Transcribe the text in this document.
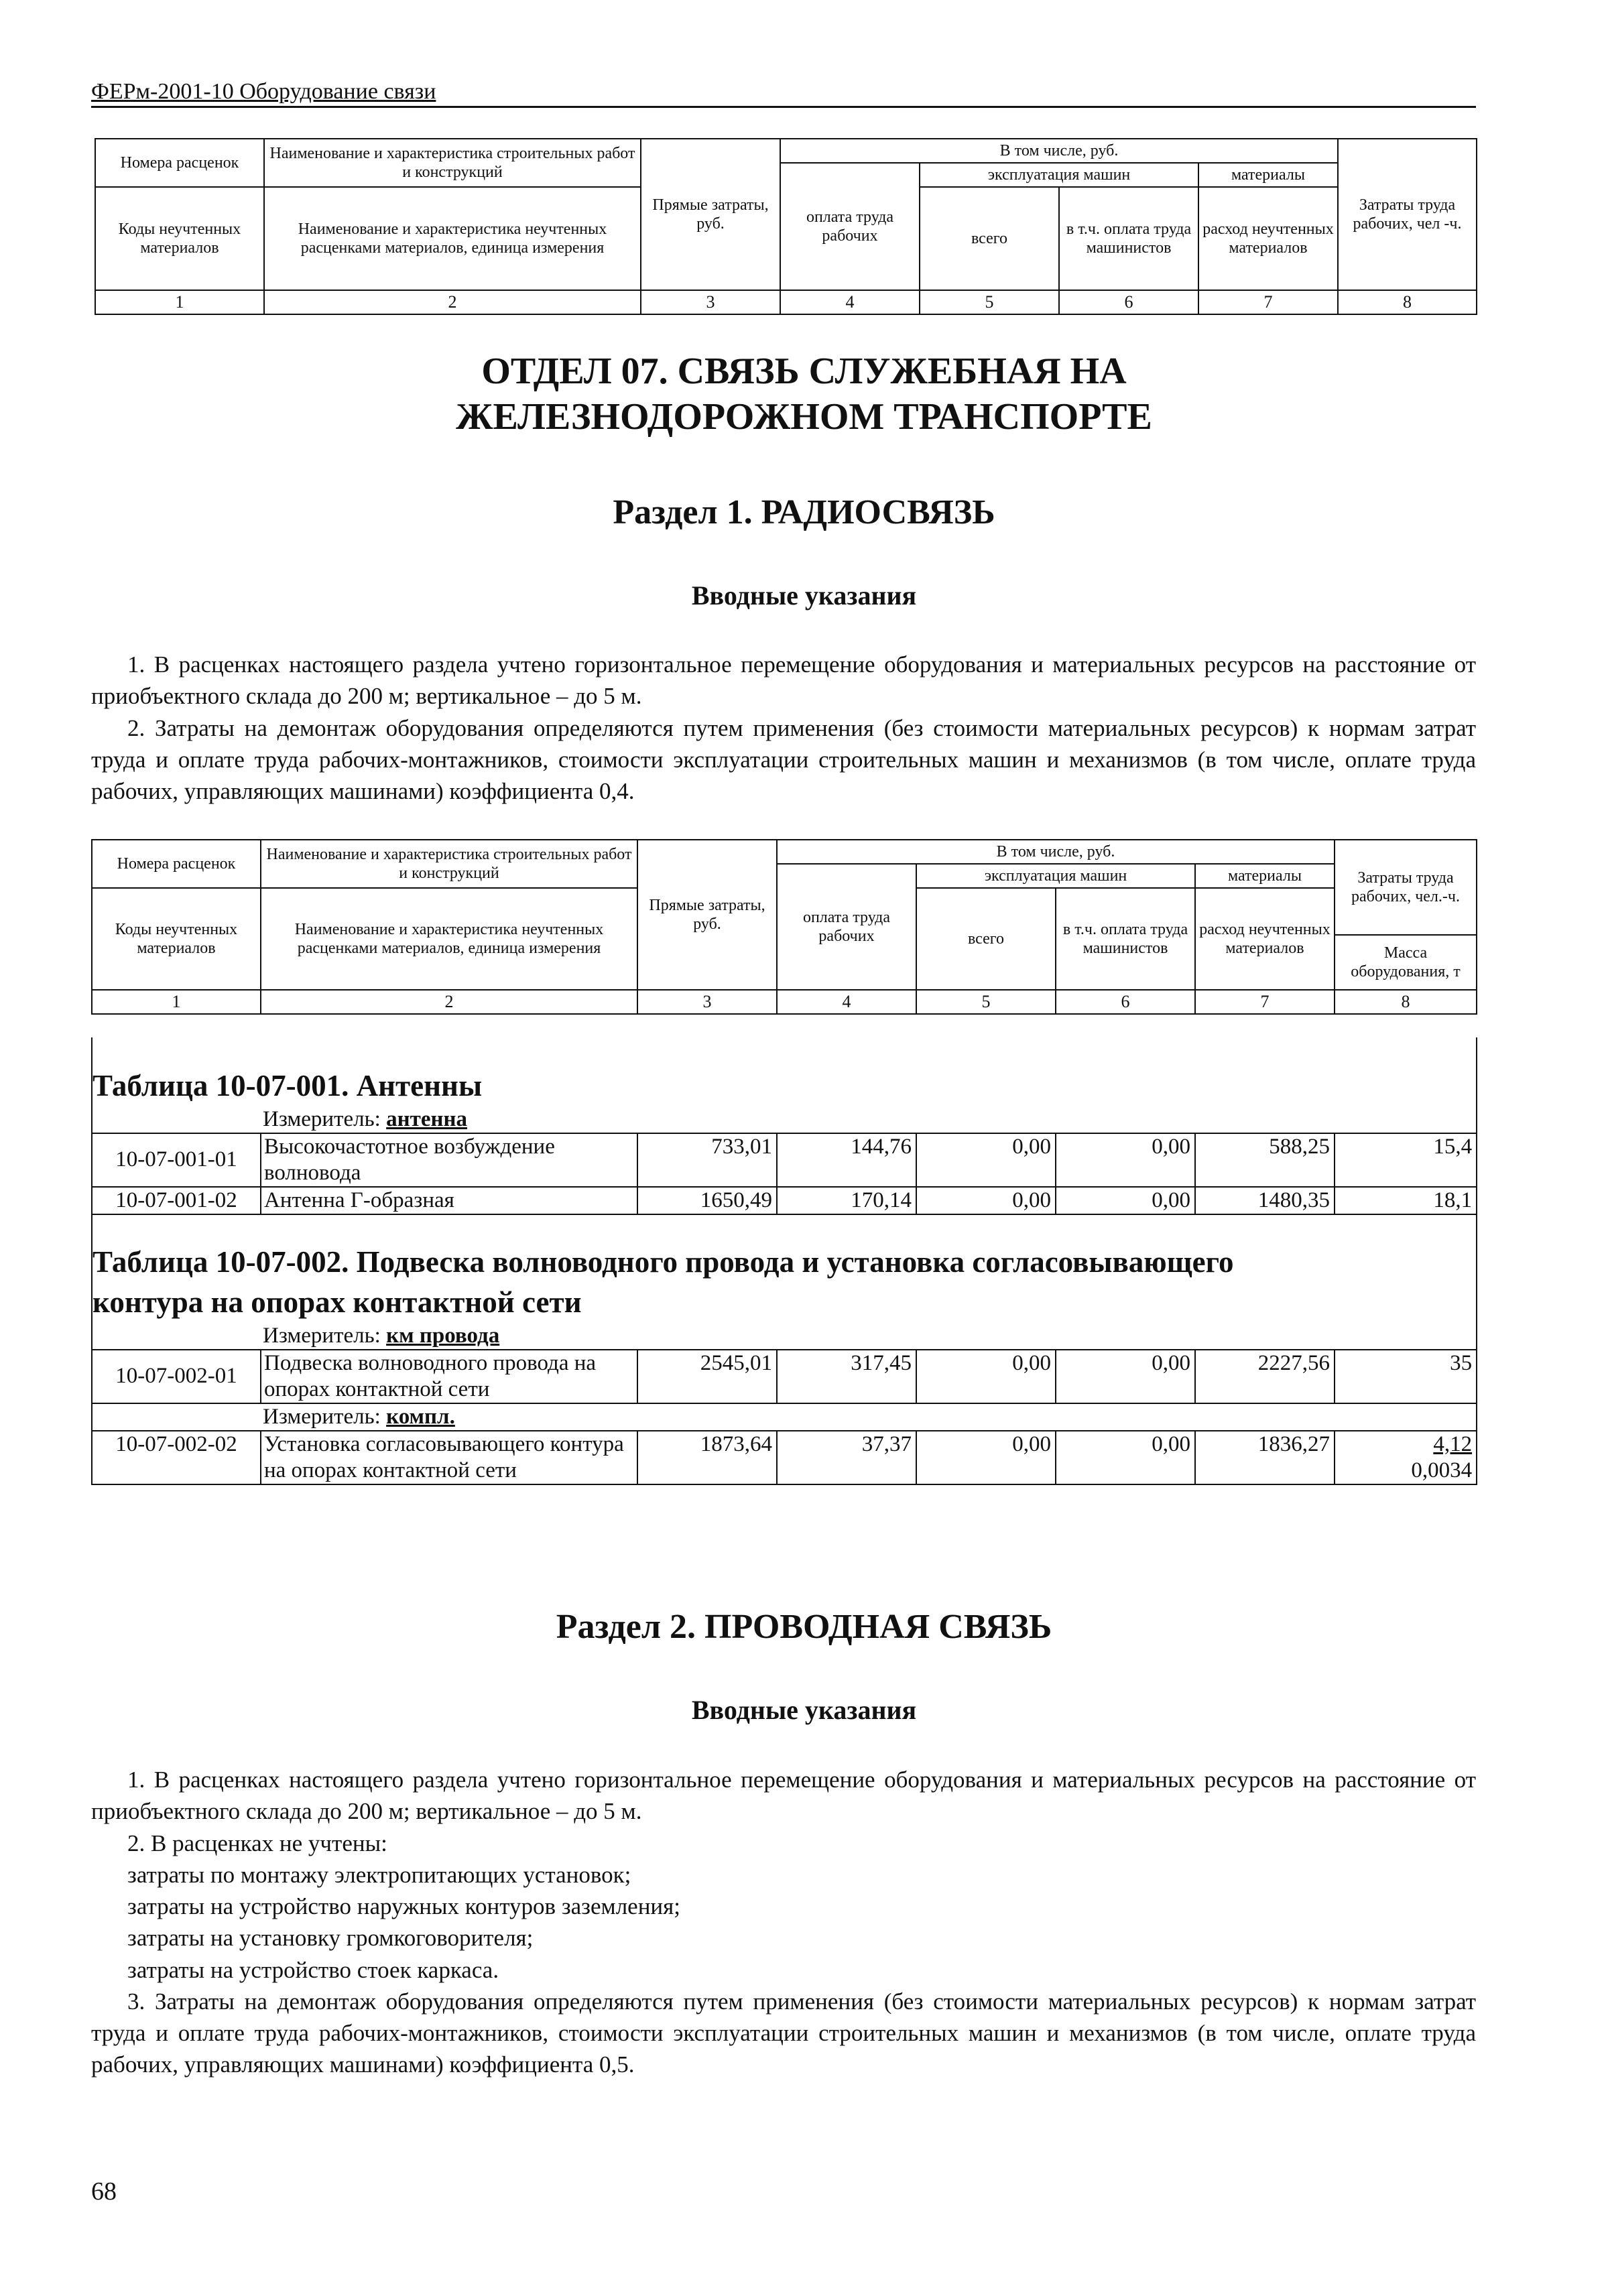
ФЕРм-2001-10 Оборудование связи
Номера расценок	Наименование и характеристика строительных работ и конструкций	Прямые затраты, руб.	В том числе, руб.				Затраты труда рабочих, чел -ч.
			оплата труда рабочих	эксплуатация машин		материалы	
Коды неучтенных материалов	Наименование и характеристика неучтенных расценками материалов, единица измерения			всего	в т.ч. оплата труда машинистов	расход неучтенных материалов	

1	2	3	4	5	6	7	8
ОТДЕЛ 07. СВЯЗЬ СЛУЖЕБНАЯ НА ЖЕЛЕЗНОДОРОЖНОМ ТРАНСПОРТЕ
Раздел 1. РАДИОСВЯЗЬ
Вводные указания

1. В расценках настоящего раздела учтено горизонтальное перемещение оборудования и материальных ресурсов на расстояние от приобъектного склада до 200 м; вертикальное – до 5 м.

2. Затраты на демонтаж оборудования определяются путем применения (без стоимости материальных ресурсов) к нормам затрат труда и оплате труда рабочих-монтажников, стоимости эксплуатации строительных машин и механизмов (в том числе, оплате труда рабочих, управляющих машинами) коэффициента 0,4.

Номера расценок	Наименование и характеристика строительных работ и конструкций	Прямые затраты, руб.	В том числе, руб.				Затраты труда рабочих, чел.-ч.
			оплата труда рабочих	эксплуатация машин		материалы	
Коды неучтенных материалов	Наименование и характеристика неучтенных расценками материалов, единица измерения			всего	в т.ч. оплата труда машинистов	расход неучтенных материалов	
							Масса оборудования, т
1	2	3	4	5	6	7	8
Таблица 10-07-001. Антенны							

Измеритель: антенна							

10-07-001-01	Высокочастотное возбуждение волновода	733,01	144,76	0,00	0,00	588,25	15,4
10-07-001-02	Антенна Г-образная	1650,49	170,14	0,00	0,00	1480,35	18,1

Таблица 10-07-002. Подвеска волноводного провода и установка согласовывающего контура на опорах контактной сети							

Измеритель: км провода							

10-07-002-01	Подвеска волноводного провода на опорах контактной сети	2545,01	317,45	0,00	0,00	2227,56	35

Измеритель: компл.							

10-07-002-02	Установка согласовывающего контура на опорах контактной сети	1873,64	37,37	0,00	0,00	1836,27	4,12
0,0034
Раздел 2. ПРОВОДНАЯ СВЯЗЬ
Вводные указания

1. В расценках настоящего раздела учтено горизонтальное перемещение оборудования и материальных ресурсов на расстояние от приобъектного склада до 200 м; вертикальное – до 5 м.

2. В расценках не учтены:

затраты по монтажу электропитающих установок;

затраты на устройство наружных контуров заземления;

затраты на установку громкоговорителя;

затраты на устройство стоек каркаса.

3. Затраты на демонтаж оборудования определяются путем применения (без стоимости материальных ресурсов) к нормам затрат труда и оплате труда рабочих-монтажников, стоимости эксплуатации строительных машин и механизмов (в том числе, оплате труда рабочих, управляющих машинами) коэффициента 0,5.

68
